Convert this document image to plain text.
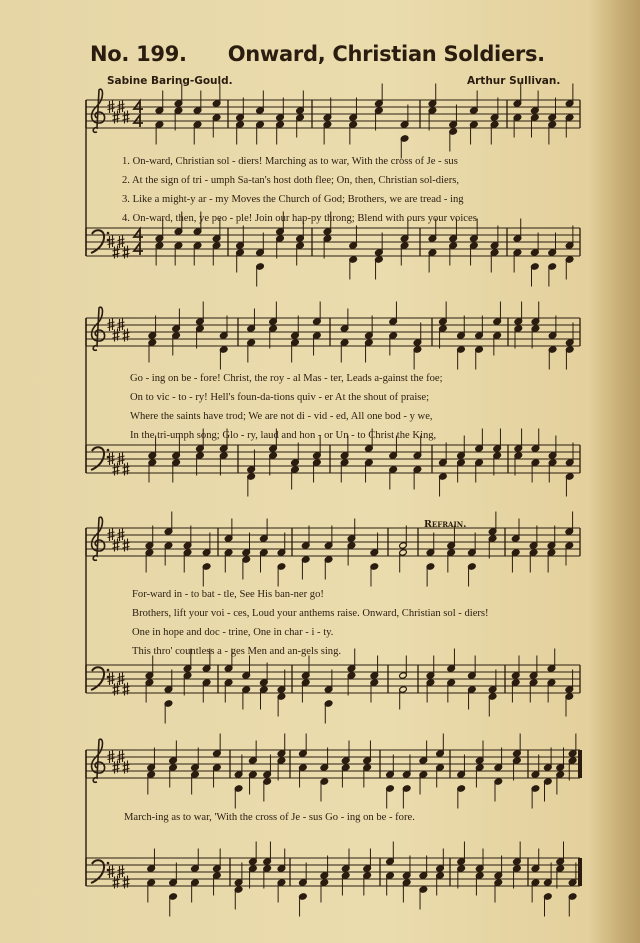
No. 199. Onward, Christian Soldiers.
Sabine Baring-Gould.	Arthur Sullivan.
1. On-ward, Christian sol - diers! Marching as to war, With the cross of Je - sus
2. At the sign of tri - umph Sa-tan's host doth flee; On, then, Christian sol-diers,
3. Like a might-y ar - my Moves the Church of God; Brothers, we are tread - ing
4. On-ward, then, ye peo - ple! Join our hap-py throng; Blend with ours your voices
Go - ing on be - fore! Christ, the roy - al Mas - ter, Leads a-gainst the foe;
On to vic - to - ry! Hell's foun-da-tions quiv - er At the shout of praise;
Where the saints have trod; We are not di - vid - ed, All one bod - y we,
In the tri-umph song; Glo - ry, laud and hon - or Un - to Christ the King,
Refrain.
For-ward in - to bat - tle, See His ban-ner go!
Brothers, lift your voi - ces, Loud your anthems raise. Onward, Christian sol - diers!
One in hope and doc - trine, One in char - i - ty.
This thro' countless a - ges Men and an-gels sing.
March-ing as to war, 'With the cross of Je - sus Go - ing on be - fore.
